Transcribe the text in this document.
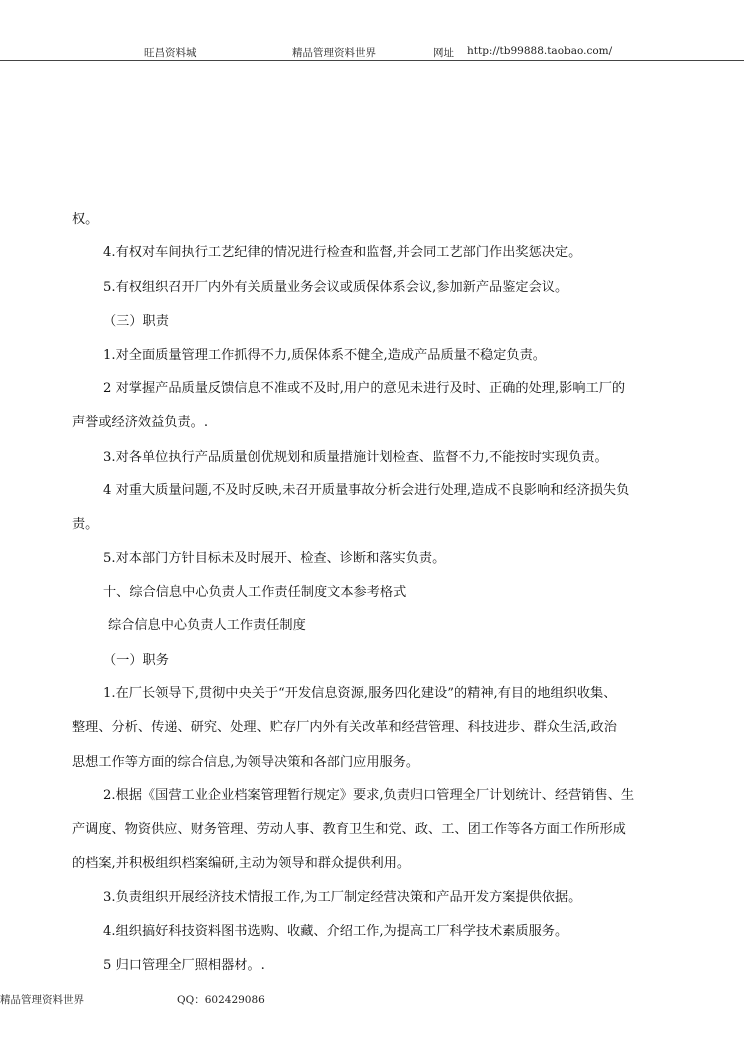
旺昌资料城	精品管理资料世界	网址 http://tb99888.taobao.com/
权。
4.有权对车间执行工艺纪律的情况进行检查和监督,并会同工艺部门作出奖惩决定。
5.有权组织召开厂内外有关质量业务会议或质保体系会议,参加新产品鉴定会议。
（三）职责
1.对全面质量管理工作抓得不力,质保体系不健全,造成产品质量不稳定负责。
2 对掌握产品质量反馈信息不准或不及时,用户的意见未进行及时、正确的处理,影响工厂的
声誉或经济效益负责。.
3.对各单位执行产品质量创优规划和质量措施计划检查、监督不力,不能按时实现负责。
4 对重大质量问题,不及时反映,未召开质量事故分析会进行处理,造成不良影响和经济损失负
责。
5.对本部门方针目标未及时展开、检查、诊断和落实负责。
十、综合信息中心负责人工作责任制度文本参考格式
综合信息中心负责人工作责任制度
（一）职务
1.在厂长领导下,贯彻中央关于“开发信息资源,服务四化建设”的精神,有目的地组织收集、
整理、分析、传递、研究、处理、贮存厂内外有关改革和经营管理、科技进步、群众生活,政治
思想工作等方面的综合信息,为领导决策和各部门应用服务。
2.根据《国营工业企业档案管理暂行规定》要求,负责归口管理全厂计划统计、经营销售、生
产调度、物资供应、财务管理、劳动人事、教育卫生和党、政、工、团工作等各方面工作所形成
的档案,并积极组织档案编研,主动为领导和群众提供利用。
3.负责组织开展经济技术情报工作,为工厂制定经营决策和产品开发方案提供依据。
4.组织搞好科技资料图书选购、收藏、介绍工作,为提高工厂科学技术素质服务。
5 归口管理全厂照相器材。.
精品管理资料世界	QQ：602429086
